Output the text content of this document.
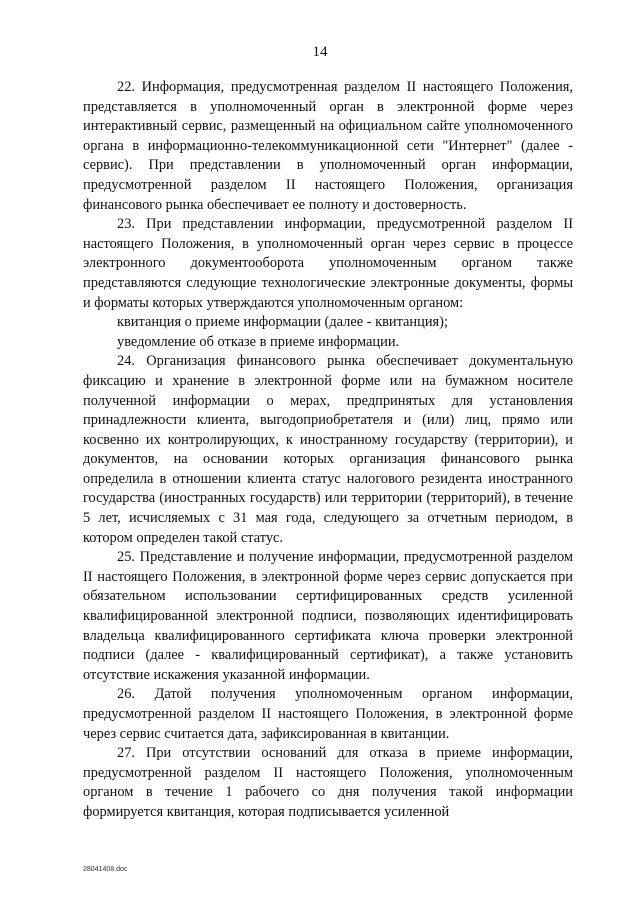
14

22. Информация, предусмотренная разделом II настоящего Положения, представляется в уполномоченный орган в электронной форме через интерактивный сервис, размещенный на официальном сайте уполномоченного органа в информационно-телекоммуникационной сети "Интернет" (далее - сервис). При представлении в уполномоченный орган информации, предусмотренной разделом II настоящего Положения, организация финансового рынка обеспечивает ее полноту и достоверность.

23. При представлении информации, предусмотренной разделом II настоящего Положения, в уполномоченный орган через сервис в процессе электронного документооборота уполномоченным органом также представляются следующие технологические электронные документы, формы и форматы которых утверждаются уполномоченным органом:

квитанция о приеме информации (далее - квитанция);

уведомление об отказе в приеме информации.

24. Организация финансового рынка обеспечивает документальную фиксацию и хранение в электронной форме или на бумажном носителе полученной информации о мерах, предпринятых для установления принадлежности клиента, выгодоприобретателя и (или) лиц, прямо или косвенно их контролирующих, к иностранному государству (территории), и документов, на основании которых организация финансового рынка определила в отношении клиента статус налогового резидента иностранного государства (иностранных государств) или территории (территорий), в течение 5 лет, исчисляемых с 31 мая года, следующего за отчетным периодом, в котором определен такой статус.

25. Представление и получение информации, предусмотренной разделом II настоящего Положения, в электронной форме через сервис допускается при обязательном использовании сертифицированных средств усиленной квалифицированной электронной подписи, позволяющих идентифицировать владельца квалифицированного сертификата ключа проверки электронной подписи (далее - квалифицированный сертификат), а также установить отсутствие искажения указанной информации.

26. Датой получения уполномоченным органом информации, предусмотренной разделом II настоящего Положения, в электронной форме через сервис считается дата, зафиксированная в квитанции.

27. При отсутствии оснований для отказа в приеме информации, предусмотренной разделом II настоящего Положения, уполномоченным органом в течение 1 рабочего со дня получения такой информации формируется квитанция, которая подписывается усиленной

28041408.doc
